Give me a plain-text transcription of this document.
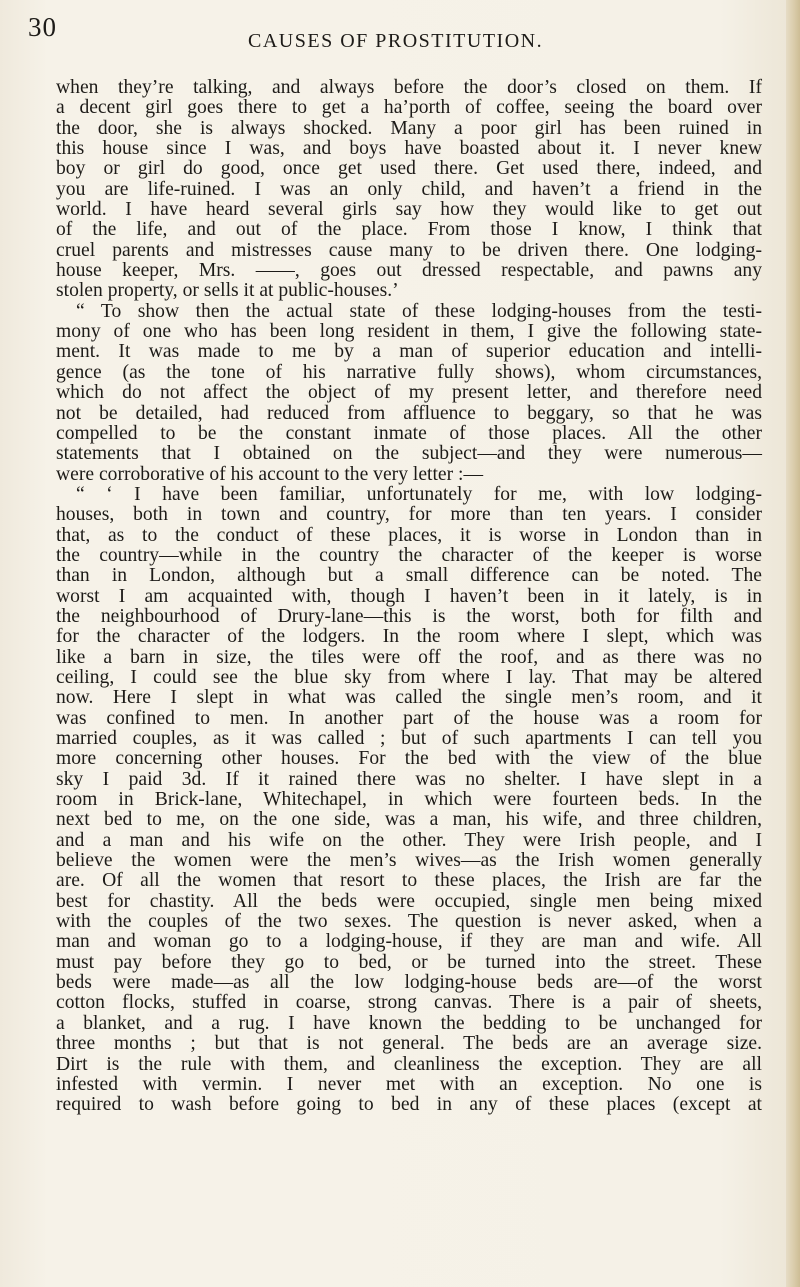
30	CAUSES OF PROSTITUTION.
when they’re talking, and always before the door’s closed on them. If
a decent girl goes there to get a ha’porth of coffee, seeing the board over
the door, she is always shocked. Many a poor girl has been ruined in
this house since I was, and boys have boasted about it. I never knew
boy or girl do good, once get used there. Get used there, indeed, and
you are life-ruined. I was an only child, and haven’t a friend in the
world. I have heard several girls say how they would like to get out
of the life, and out of the place. From those I know, I think that
cruel parents and mistresses cause many to be driven there. One lodging-
house keeper, Mrs. ——, goes out dressed respectable, and pawns any
stolen property, or sells it at public-houses.’
“ To show then the actual state of these lodging-houses from the testi-
mony of one who has been long resident in them, I give the following state-
ment. It was made to me by a man of superior education and intelli-
gence (as the tone of his narrative fully shows), whom circumstances,
which do not affect the object of my present letter, and therefore need
not be detailed, had reduced from affluence to beggary, so that he was
compelled to be the constant inmate of those places. All the other
statements that I obtained on the subject—and they were numerous—
were corroborative of his account to the very letter :—
“ ‘ I have been familiar, unfortunately for me, with low lodging-
houses, both in town and country, for more than ten years. I consider
that, as to the conduct of these places, it is worse in London than in
the country—while in the country the character of the keeper is worse
than in London, although but a small difference can be noted. The
worst I am acquainted with, though I haven’t been in it lately, is in
the neighbourhood of Drury-lane—this is the worst, both for filth and
for the character of the lodgers. In the room where I slept, which was
like a barn in size, the tiles were off the roof, and as there was no
ceiling, I could see the blue sky from where I lay. That may be altered
now. Here I slept in what was called the single men’s room, and it
was confined to men. In another part of the house was a room for
married couples, as it was called ; but of such apartments I can tell you
more concerning other houses. For the bed with the view of the blue
sky I paid 3d. If it rained there was no shelter. I have slept in a
room in Brick-lane, Whitechapel, in which were fourteen beds. In the
next bed to me, on the one side, was a man, his wife, and three children,
and a man and his wife on the other. They were Irish people, and I
believe the women were the men’s wives—as the Irish women generally
are. Of all the women that resort to these places, the Irish are far the
best for chastity. All the beds were occupied, single men being mixed
with the couples of the two sexes. The question is never asked, when a
man and woman go to a lodging-house, if they are man and wife. All
must pay before they go to bed, or be turned into the street. These
beds were made—as all the low lodging-house beds are—of the worst
cotton flocks, stuffed in coarse, strong canvas. There is a pair of sheets,
a blanket, and a rug. I have known the bedding to be unchanged for
three months ; but that is not general. The beds are an average size.
Dirt is the rule with them, and cleanliness the exception. They are all
infested with vermin. I never met with an exception. No one is
required to wash before going to bed in any of these places (except at
